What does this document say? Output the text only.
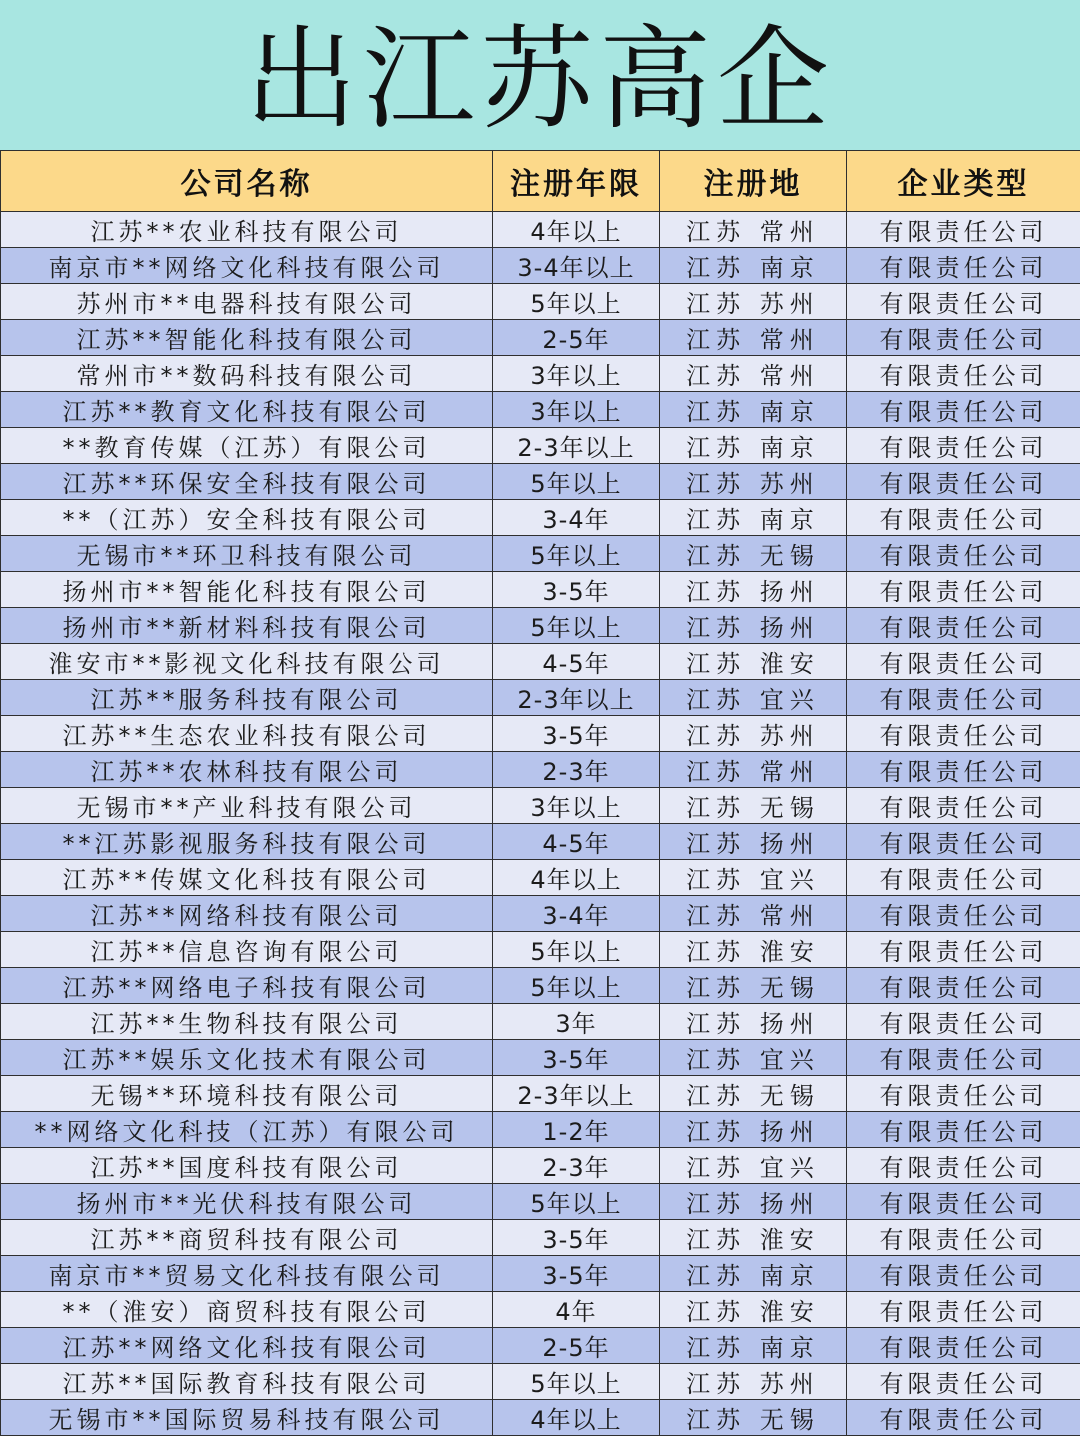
出江苏高企
公司名称	注册年限	注册地	企业类型
江苏**农业科技有限公司	4年以上	江苏 常州	有限责任公司
南京市**网络文化科技有限公司	3-4年以上	江苏 南京	有限责任公司
苏州市**电器科技有限公司	5年以上	江苏 苏州	有限责任公司
江苏**智能化科技有限公司	2-5年	江苏 常州	有限责任公司
常州市**数码科技有限公司	3年以上	江苏 常州	有限责任公司
江苏**教育文化科技有限公司	3年以上	江苏 南京	有限责任公司
**教育传媒（江苏）有限公司	2-3年以上	江苏 南京	有限责任公司
江苏**环保安全科技有限公司	5年以上	江苏 苏州	有限责任公司
**（江苏）安全科技有限公司	3-4年	江苏 南京	有限责任公司
无锡市**环卫科技有限公司	5年以上	江苏 无锡	有限责任公司
扬州市**智能化科技有限公司	3-5年	江苏 扬州	有限责任公司
扬州市**新材料科技有限公司	5年以上	江苏 扬州	有限责任公司
淮安市**影视文化科技有限公司	4-5年	江苏 淮安	有限责任公司
江苏**服务科技有限公司	2-3年以上	江苏 宜兴	有限责任公司
江苏**生态农业科技有限公司	3-5年	江苏 苏州	有限责任公司
江苏**农林科技有限公司	2-3年	江苏 常州	有限责任公司
无锡市**产业科技有限公司	3年以上	江苏 无锡	有限责任公司
**江苏影视服务科技有限公司	4-5年	江苏 扬州	有限责任公司
江苏**传媒文化科技有限公司	4年以上	江苏 宜兴	有限责任公司
江苏**网络科技有限公司	3-4年	江苏 常州	有限责任公司
江苏**信息咨询有限公司	5年以上	江苏 淮安	有限责任公司
江苏**网络电子科技有限公司	5年以上	江苏 无锡	有限责任公司
江苏**生物科技有限公司	3年	江苏 扬州	有限责任公司
江苏**娱乐文化技术有限公司	3-5年	江苏 宜兴	有限责任公司
无锡**环境科技有限公司	2-3年以上	江苏 无锡	有限责任公司
**网络文化科技（江苏）有限公司	1-2年	江苏 扬州	有限责任公司
江苏**国度科技有限公司	2-3年	江苏 宜兴	有限责任公司
扬州市**光伏科技有限公司	5年以上	江苏 扬州	有限责任公司
江苏**商贸科技有限公司	3-5年	江苏 淮安	有限责任公司
南京市**贸易文化科技有限公司	3-5年	江苏 南京	有限责任公司
**（淮安）商贸科技有限公司	4年	江苏 淮安	有限责任公司
江苏**网络文化科技有限公司	2-5年	江苏 南京	有限责任公司
江苏**国际教育科技有限公司	5年以上	江苏 苏州	有限责任公司
无锡市**国际贸易科技有限公司	4年以上	江苏 无锡	有限责任公司
